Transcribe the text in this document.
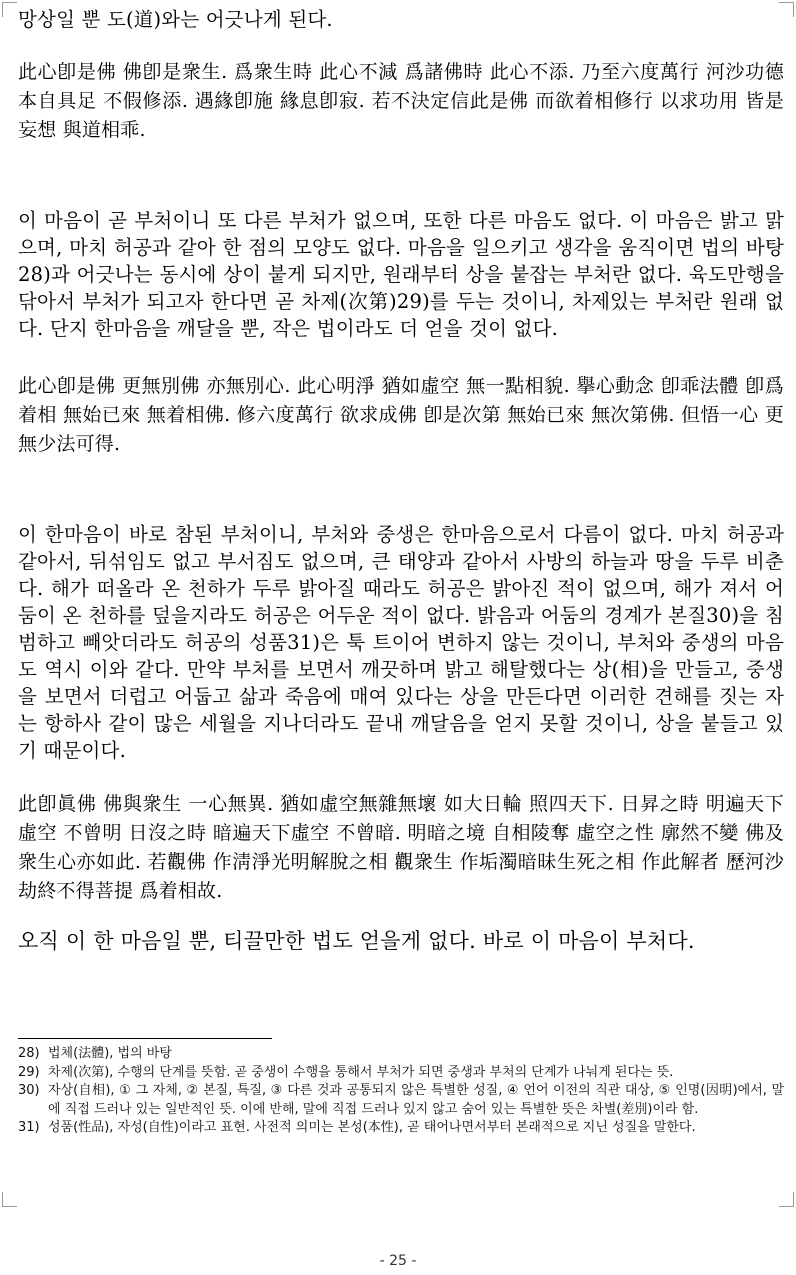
망상일 뿐 도(道)와는 어긋나게 된다.

此心卽是佛 佛卽是衆生. 爲衆生時 此心不減 爲諸佛時 此心不添. 乃至六度萬行 河沙功德 本自具足 不假修添. 遇緣卽施 緣息卽寂. 若不決定信此是佛 而欲着相修行 以求功用 皆是妄想 與道相乖.

이 마음이 곧 부처이니 또 다른 부처가 없으며, 또한 다른 마음도 없다. 이 마음은 밝고 맑으며, 마치 허공과 같아 한 점의 모양도 없다. 마음을 일으키고 생각을 움직이면 법의 바탕28)과 어긋나는 동시에 상이 붙게 되지만, 원래부터 상을 붙잡는 부처란 없다. 육도만행을 닦아서 부처가 되고자 한다면 곧 차제(次第)29)를 두는 것이니, 차제있는 부처란 원래 없다. 단지 한마음을 깨달을 뿐, 작은 법이라도 더 얻을 것이 없다.

此心卽是佛 更無別佛 亦無別心. 此心明淨 猶如虛空 無一點相貌. 擧心動念 卽乖法體 卽爲着相 無始已來 無着相佛. 修六度萬行 欲求成佛 卽是次第 無始已來 無次第佛. 但悟一心 更無少法可得.

이 한마음이 바로 참된 부처이니, 부처와 중생은 한마음으로서 다름이 없다. 마치 허공과 같아서, 뒤섞임도 없고 부서짐도 없으며, 큰 태양과 같아서 사방의 하늘과 땅을 두루 비춘다. 해가 떠올라 온 천하가 두루 밝아질 때라도 허공은 밝아진 적이 없으며, 해가 져서 어둠이 온 천하를 덮을지라도 허공은 어두운 적이 없다. 밝음과 어둠의 경계가 본질30)을 침범하고 빼앗더라도 허공의 성품31)은 툭 트이어 변하지 않는 것이니, 부처와 중생의 마음도 역시 이와 같다. 만약 부처를 보면서 깨끗하며 밝고 해탈했다는 상(相)을 만들고, 중생을 보면서 더럽고 어둡고 삶과 죽음에 매여 있다는 상을 만든다면 이러한 견해를 짓는 자는 항하사 같이 많은 세월을 지나더라도 끝내 깨달음을 얻지 못할 것이니, 상을 붙들고 있기 때문이다.

此卽眞佛 佛與衆生 一心無異. 猶如虛空無雜無壞 如大日輪 照四天下. 日昇之時 明遍天下 虛空 不曾明 日沒之時 暗遍天下虛空 不曾暗. 明暗之境 自相陵奪 虛空之性 廓然不變 佛及衆生心亦如此. 若觀佛 作淸淨光明解脫之相 觀衆生 作垢濁暗昧生死之相 作此解者 歷河沙劫終不得菩提 爲着相故.

오직 이 한 마음일 뿐, 티끌만한 법도 얻을게 없다. 바로 이 마음이 부처다.

28) 법체(法體), 법의 바탕
29) 차제(次第), 수행의 단계를 뜻함. 곧 중생이 수행을 통해서 부처가 되면 중생과 부처의 단계가 나눠게 된다는 뜻.
30) 자상(自相), ① 그 자체, ② 본질, 특질, ③ 다른 것과 공통되지 않은 특별한 성질, ④ 언어 이전의 직관 대상, ⑤ 인명(因明)에서, 말에 직접 드러나 있는 일반적인 뜻. 이에 반해, 말에 직접 드러나 있지 않고 숨어 있는 특별한 뜻은 차별(差別)이라 함.
31) 성품(性品), 자성(自性)이라고 표현. 사전적 의미는 본성(本性), 곧 태어나면서부터 본래적으로 지닌 성질을 말한다.
- 25 -
